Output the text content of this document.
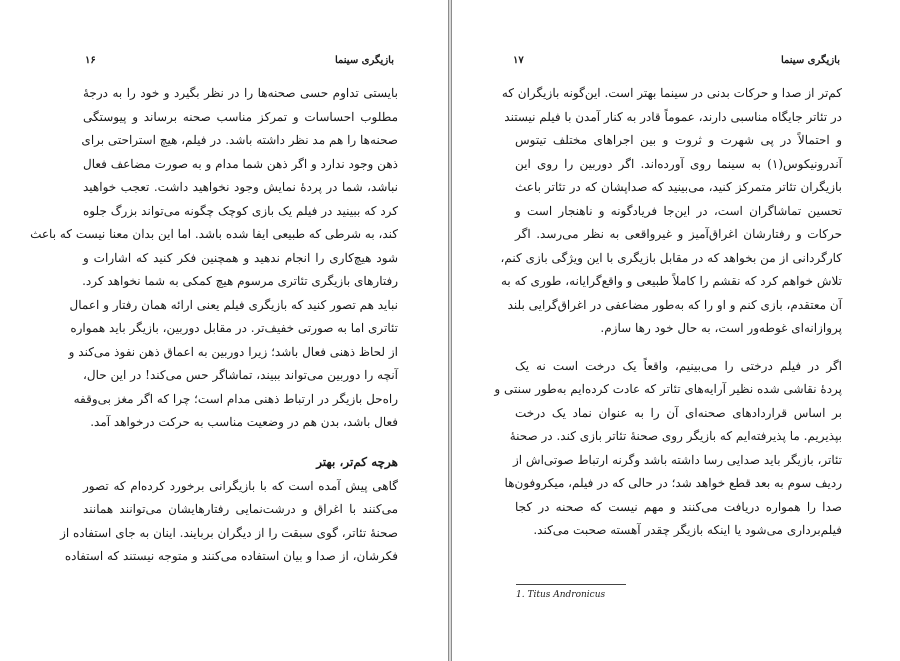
بازیگری سینما
۱۶
بایستی تداوم حسی صحنه‌ها را در نظر بگیرد و خود را به درجهٔ
مطلوب احساسات و تمرکز مناسب صحنه برساند و پیوستگی
صحنه‌ها را هم مد نظر داشته باشد. در فیلم، هیچ استراحتی برای
ذهن وجود ندارد و اگر ذهن شما مدام و به صورت مضاعف فعال
نباشد، شما در پردهٔ نمایش وجود نخواهید داشت. تعجب خواهید
کرد که ببینید در فیلم یک بازی کوچک چگونه می‌تواند بزرگ جلوه
کند، به شرطی که طبیعی ایفا شده باشد. اما این بدان معنا نیست که باعث
شود هیچ‌کاری را انجام ندهید و همچنین فکر کنید که اشارات و
رفتارهای بازیگری تئاتری مرسوم هیچ کمکی به شما نخواهد کرد.
نباید هم تصور کنید که بازیگری فیلم یعنی ارائه همان رفتار و اعمال
تئاتری اما به صورتی خفیف‌تر. در مقابل دوربین، بازیگر باید همواره
از لحاظ ذهنی فعال باشد؛ زیرا دوربین به اعماق ذهن نفوذ می‌کند و
آنچه را دوربین می‌تواند ببیند، تماشاگر حس می‌کند! در این حال،
راه‌حل بازیگر در ارتباط ذهنی مدام است؛ چرا که اگر مغز بی‌وقفه
فعال باشد، بدن هم در وضعیت مناسب به حرکت درخواهد آمد.
هرچه کم‌تر، بهتر
گاهی پیش آمده است که با بازیگرانی برخورد کرده‌ام که تصور
می‌کنند با اغراق و درشت‌نمایی رفتارهایشان می‌توانند همانند
صحنهٔ تئاتر، گوی سبقت را از دیگران بربایند. اینان به جای استفاده از
فکرشان، از صدا و بیان استفاده می‌کنند و متوجه نیستند که استفاده
بازیگری سینما
۱۷
کم‌تر از صدا و حرکات بدنی در سینما بهتر است. این‌گونه بازیگران که
در تئاتر جایگاه مناسبی دارند، عموماً قادر به کنار آمدن با فیلم نیستند
و احتمالاً در پی شهرت و ثروت و بین اجراهای مختلف تیتوس
آندرونیکوس(۱) به سینما روی آورده‌اند. اگر دوربین را روی این
بازیگران تئاتر متمرکز کنید، می‌بینید که صداپشان که در تئاتر باعث
تحسین تماشاگران است، در این‌جا فریادگونه و ناهنجار است و
حرکات و رفتارشان اغراق‌آمیز و غیرواقعی به نظر می‌رسد. اگر
کارگردانی از من بخواهد که در مقابل بازیگری با این ویژگی بازی کنم،
تلاش خواهم کرد که نقشم را کاملاً طبیعی و واقع‌گرایانه، طوری که به
آن معتقدم، بازی کنم و او را که به‌طور مضاعفی در اغراق‌گرایی بلند
پروازانه‌ای غوطه‌ور است، به حال خود رها سازم.
اگر در فیلم درختی را می‌بینیم، واقعاً یک درخت است نه یک
پردهٔ نقاشی شده نظیر آرایه‌های تئاتر که عادت کرده‌ایم به‌طور سنتی و
بر اساس قراردادهای صحنه‌ای آن را به عنوان نماد یک درخت
بپذیریم. ما پذیرفته‌ایم که بازیگر روی صحنهٔ تئاتر بازی کند. در صحنهٔ
تئاتر، بازیگر باید صدایی رسا داشته باشد وگرنه ارتباط صوتی‌اش از
ردیف سوم به بعد قطع خواهد شد؛ در حالی که در فیلم، میکروفون‌ها
صدا را همواره دریافت می‌کنند و مهم نیست که صحنه در کجا
فیلم‌برداری می‌شود یا اینکه بازیگر چقدر آهسته صحبت می‌کند.
1. Titus Andronicus
